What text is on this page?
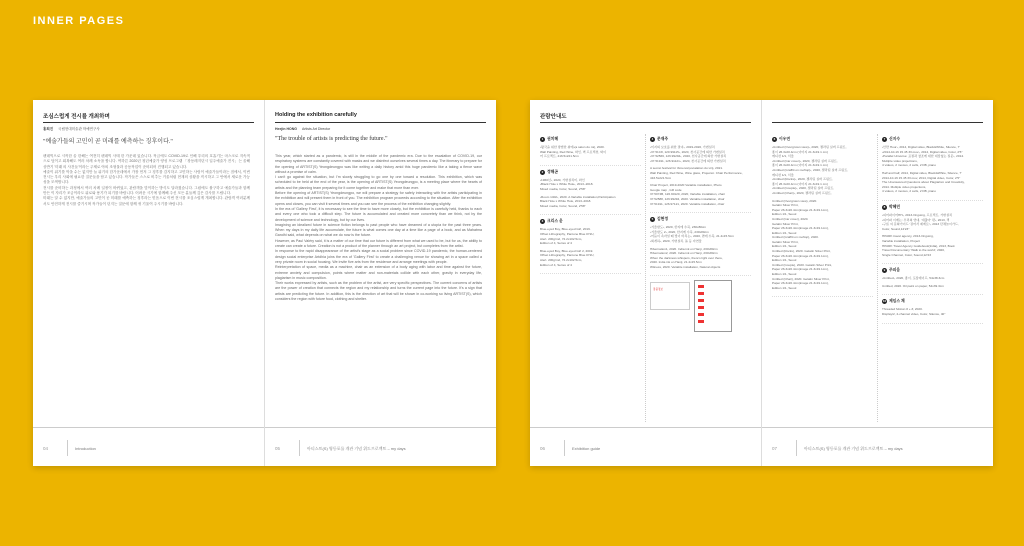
INNER PAGES
조심스럽게 전시를 개최하며
홍희진 국립현대미술관 학예연구사
"예술가들의 고민이 곧 미래를 예측하는 징후이다."

팬데믹으로 시작한 올 한해는 여전히 팬데믹 사태 한 가운데 있습니다. 작금에도 COVID-19로 인해 우리의 호흡기는 마스크로 지속적으로 덮이고 회복해도 여러 차례 소독을 합니다. 여하튼 2020년 청년예술가 양성 프로그램 「창동레지던시 입주예술가 전시」는 올해 상반기 '미래 의 사건들'이라는 주제로 야외 조형물과 공동작업이 준비되어 진행되고 있습니다.

예술이 위기를 막을 수는 없지만 늘 위기의 한가운데에서 가장 먼저 그 징후를 감지하고 고민하는 사람이 예술가들이라는 점에서, 이번 전시는 우리 사회에 필요한 질문들을 담고 있습니다. 작가들은 스스로 비추는 거울처럼 현재의 상황을 직시하고 그 안에서 새로운 가능성을 모색합니다.

전시를 준비하는 과정에서 여러 차례 일정이 바뀌었고, 관람객을 맞이하는 방식도 달라졌습니다. 그럼에도 불구하고 예술가들과 함께 만든 이 자리가 조금이라도 위로와 용기가 되기를 바랍니다. 어려운 시기에 함께해 주신 모든 분들께 깊은 감사를 드립니다.

미래는 알 수 없지만, 예술가들의 고민이 곧 미래를 예측하는 징후라는 믿음으로 이번 전시를 조심스럽게 개최합니다. 관람객 여러분께서도 안전하게 전시를 즐기시며 작가들이 던지는 질문에 함께 귀 기울여 주시기를 바랍니다.

04	Introduction
Holding the exhibition carefully
Heejin HONG Artists Art Director
"The trouble of artists is predicting the future."

This year, which started as a pandemic, is still in the middle of the pandemic era. Due to the escalation of COVID-19, our respiratory systems are constantly covered with masks and we disinfect ourselves several times a day. The itinerary to prepare for the opening of ARTIST(S) Yeongdeungpo was like writing a daily history amid this huge pandemic like a taking a fierce wave without a promise of calm.

I can't go against the situation, but I'm slowly struggling to go one by one toward a resolution. This exhibition, which was scheduled to be held at the end of the year, is the opening of ARTIST(S) Yeongdeungpo, is a meeting place where the hearts of artists and the planning team preparing for it come together and make that more than ever.

Before the opening of ARTIST(S) Yeongdeungpo, we will prepare a strategy for safely interacting with the artists participating in the exhibition and will present them in front of you. The exhibition program proceeds according to the situation. After the exhibition opens and closes, you can visit it several times and you can see the process of the exhibition changing slightly.

In the era of 'Gallery First', it is necessary to see the time to have more closely, but the exhibition is carefully held, thanks to each and every one who took a difficult step. The future is accumulated and created more concretely than we think, not by the development of science and technology, but by our lives.

Imagining an idealized future in science fiction belongs to past people who have dreamed of a utopia for the past three years. When my days in my daily life accumulate, the future is what comes one day at a time like a page of a book, and as Mahatma Gandhi said, what depends on what we do now is the future.

However, as Paul Valéry said, it is a matter of our time that our future is different from what we used to be, but for us, the ability to create can create a future. Creation is not a product of the planner through an art project, but completes from the artist.

In response to the rapid disappearance of the artist's stage as a social problem since COVID-19 pandemic, the human-centered design social enterprise Artdhia joins the era of 'Gallery First' to create a challenging venue for showing art in a space called a very private room in social housing. We invite five arts from the residence and arrange meetings with people.

Reinterpretation of space, media as a machine, chair as an extension of a body aging with labor and time against the future, extreme anxiety and compulsion, points where matter and non-materials collide with each other, gravity in everyday life, plagiarism in music composition.

Their works expressed by artists, such as the problem of the artist, are very specific perspectives. The current concerns of artists are the power of creation that connects the region and my relationship and turns the current page into the future. It's a sign that artists are predicting the future. In addition, this is the direction of art that will be shown in co-working so living ARTIST(S), which considers the region with future food, clothing and shelter.

05	아티스트(S) 영등포를 개관 기념 위드프로젝트 – my days
관람안내도
1 권치혜
‹왕국을 위한 방법한 위에›(a salon du roi), 2020.
Wall Painting, Red Wine, 와인, 벽 프로젝션, 와이
어 프로젝트, 416.5x221.5cm
2 정해곤
‹1960년›, 2020, 가변설치미, 와인
‹Black Hole x White Hole›, 2013–2018.
Mixed media, Color, Sound, 2'58"
‹Room 1402›, 2020. A Variable installation,Participation
Black Hole x White Hole, 2013–2018.
Mixed media, Color, Sound, 2'58"
3 크리스 윤
Blue-eyed Boy, Blue-eyed Girl, 2019.
Offset Lithography, Pantone Blue 072U,
Alert. 200g/m2, 72.2x102.5cm,
Edition of 4, Series of 4
Blue-eyed Boy, Blue-eyed Girl 2, 2019.
Offset Lithography, Pantone Blue 072U,
Alert. 200g/m2, 72.2x102.5cm,
Edition of 4, Series of 4
4 문재주
‹미지의 보호를 위한 결여›, 2019-2020, 가변설치
‹37.51C8, 120.99115›, 2020, 천사공간에 의한 가변설치
‹37.52566, 126.99294›, 2020, 천사공간에 의한 가변설치
‹37.51911, 126.91121›, 2020, 천사공간에 의한 가변설치
A secret festival for tbmenor(escalation du vin), 2021.
Wall Painting, Red Wine, Wine glass, Projector. Chair Performance, 416.5x221.5cm
Chair Project, 2019-2020 Variable installation, Photo
Google map , GR code
37.5074B, 126.90120, 2020, Variable installation, chair
37.52588, 126.99294, 2020. Variable installation, chair
37.51911, 126.97121, 2020. Variable installation, chair
5 김현정
‹겨울밤도›, 2020, 한지에 수묵, 230x80cm
‹겨울밤도 2›, 2020, 한지에 수묵, 230x80cm
‹어둠이 속자일 때 빛이 비치는›, 2020, 면에 수묵, 21.4x15.5cm
‹회개하›, 2020, 가변설치, 돌 등 자연물
Hibernation1, 2020. India ink on Hanji, 230x80cm
Hibernation2, 2020. India ink on Hanji, 230x80cm
When the darkness whispers, there's light over there,
2020. India ink on Hanji, 21.4x15.5cm
Witness, 2020. Variable installation, Natural objects
장품정보
06	Exhibition guide
6 이우연
‹Untitled (Overgrown view)›, 2020, 젤라틴 실버 프린트,
종이 26.3x20.4cm (이미지 21.3x19.1 cm)
에디션 1/1, 서울
‹Untitled (Car cover)›, 2020, 젤라틴 실버 프린트,
종이 26.3x20.4cm (이미지 21.3x19.1 cm)
‹Untitled (Graffiti on rooftop)›, 2020, 젤라틴 실버 프린트,
에디션 1/1, 서울
‹Untitled (Rocks)›, 2020, 젤라틴 실버 프린트,
종이 26.3x20.4cm (이미지 21.3x19.1 cm)
‹Untitled (Couple)›, 2020, 젤라틴 실버 프린트,
‹Untitled (Chair)›, 2020, 젤라틴 실버 프린트,
Untitled (Overgrown view), 2020.
Gelatin Silver Print,
Paper 26.3x20.4cm(image 21.3x19.1cm),
Edition 1/1, Seoul
Untitled (Car cover), 2020.
Gelatin Silver Print,
Paper 26.3x20.4cm(image 21.3x19.1cm),
Edition 1/1, Seoul
Untitled (Graffiti on rooftop), 2020.
Gelatin Silver Print,
Edition 1/1, Seoul
Untitled (Rocks), 2020. Gelatin Silver Print,
Paper 26.3x20.4cm(image 21.3x19.1cm),
Edition 1/1, Seoul
Untitled (Couple), 2020. Gelatin Silver Print,
Paper 26.3x20.4cm(image 21.3x19.1cm),
Edition 1/1, Seoul
Untitled (Chair), 2020. Gelatin Silver Print,
Paper 26.3x20.4cm(image 21.3x19.1cm),
Edition 1/1, Seoul
7 신지수
‹안반 Hour›, 2014, Digital video, Black&White, Silence, 7'
‹2014-10-16 15.45 33.mov›, 2014, Digital video, Color, 2'5"
‹Parallel Universe: 표절과 창조에 대한 대답없는 질문›, 2014.
Multiple video projections,
4 videos, 2 movies, 2 cells, 2 DB, piano
Half and half, 2014, Digital video, Black&White, Silence, 7'
2014-10-16 15.45 33.mov, 2014, Digital video, Color, 2'5"
The Unanswered Questions about Plagiarism and Creativity,
2014. Multiple video projections,
4 videos, 2 movies, 2 cells, 2 DB, piano
8 박혜민
‹피어파이어HH›, 2013-Ongoing, 프로젝트, 가변설치
‹피어파 이매는: 우리의 연대, '새출아' 편›, 2013, 책
‹구름 여 문화가이드 '걸어서 제계로'›, 2013 단체놀이가드,
Color, Sound,12'23"
HPARK travel agency, 2013-Ongoing,
Variable installation, Project
HPARK Travel Agency Guidebook(India), 2013, Book
Travel Documentary 'Walk to the world', 2020,
Single Channel, Color, Sound,12'23
9 주피음
‹Untitled›, 2020, 종이, 포장테이프, 54x38.3cm
Untitled, 2020. Oil paint on paper, 54x39.3cm
10 제임스 채
Threaded Motion # + #, 2020.
Display/2, 2-channel video, Color, Silence, 40"
07	아티스트(S) 영등포를 개관 기념 위드프로젝트 – my days
